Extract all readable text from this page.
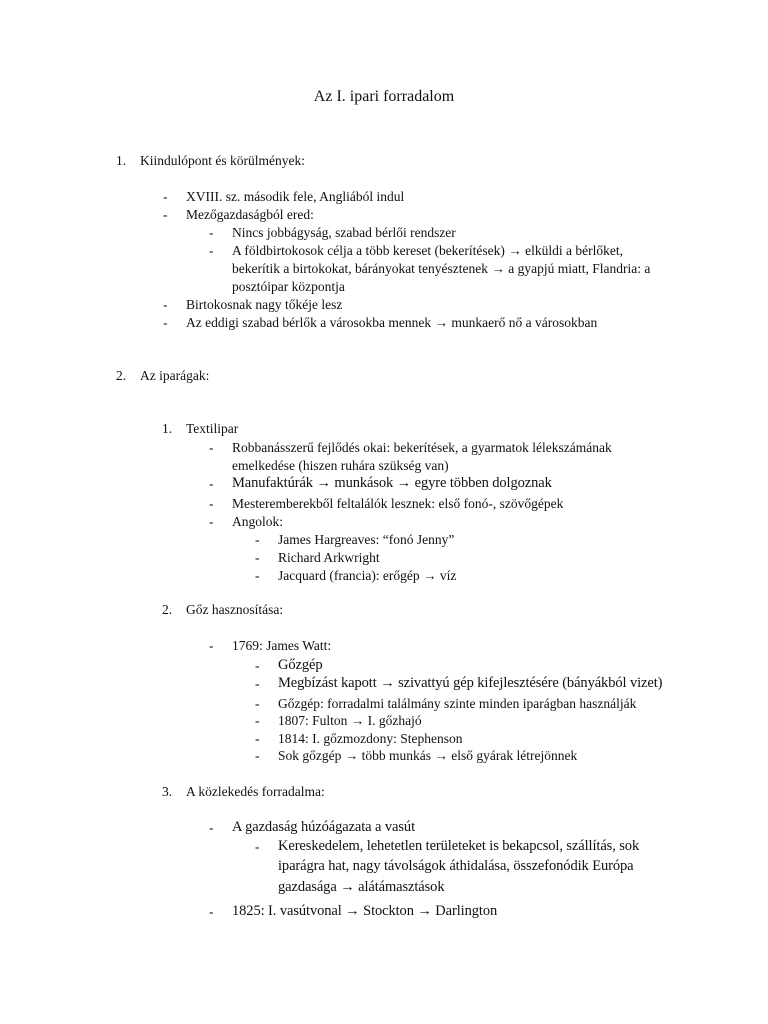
Az I. ipari forradalom
1. Kiindulópont és körülmények:
- XVIII. sz. második fele, Angliából indul
- Mezőgazdaságból ered:
- Nincs jobbágyság, szabad bérlői rendszer
- A földbirtokosok célja a több kereset (bekerítések) → elküldi a bérlőket,
bekerítik a birtokokat, bárányokat tenyésztenek → a gyapjú miatt, Flandria: a
posztóipar központja
- Birtokosnak nagy tőkéje lesz
- Az eddigi szabad bérlők a városokba mennek → munkaerő nő a városokban
2. Az iparágak:
1. Textilipar
- Robbanásszerű fejlődés okai: bekerítések, a gyarmatok lélekszámának
emelkedése (hiszen ruhára szükség van)
- Manufaktúrák → munkások → egyre többen dolgoznak
- Mesteremberekből feltalálók lesznek: első fonó-, szövőgépek
- Angolok:
- James Hargreaves: “fonó Jenny”
- Richard Arkwright
- Jacquard (francia): erőgép → víz
2. Gőz hasznosítása:
- 1769: James Watt:
- Gőzgép
- Megbízást kapott → szivattyú gép kifejlesztésére (bányákból vizet)
- Gőzgép: forradalmi találmány szinte minden iparágban használják
- 1807: Fulton → I. gőzhajó
- 1814: I. gőzmozdony: Stephenson
- Sok gőzgép → több munkás → első gyárak létrejönnek
3. A közlekedés forradalma:
- A gazdaság húzóágazata a vasút
- Kereskedelem, lehetetlen területeket is bekapcsol, szállítás, sok
iparágra hat, nagy távolságok áthidalása, összefonódik Európa
gazdasága → alátámasztások
- 1825: I. vasútvonal → Stockton → Darlington
